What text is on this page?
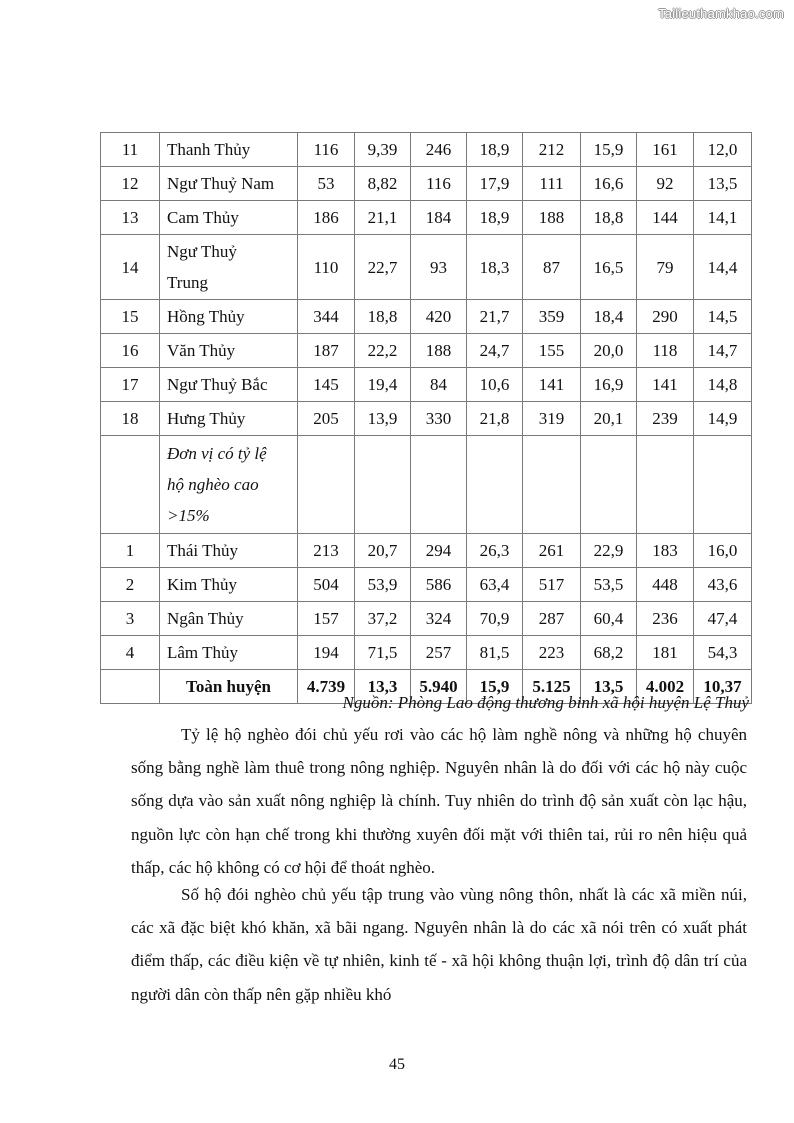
Tailieuthamkhao.com
11	Thanh Thủy	116	9,39	246	18,9	212	15,9	161	12,0
12	Ngư Thuỷ Nam	53	8,82	116	17,9	111	16,6	92	13,5
13	Cam Thủy	186	21,1	184	18,9	188	18,8	144	14,1
14	Ngư Thuỷ
Trung	110	22,7	93	18,3	87	16,5	79	14,4
15	Hồng Thủy	344	18,8	420	21,7	359	18,4	290	14,5
16	Văn Thủy	187	22,2	188	24,7	155	20,0	118	14,7
17	Ngư Thuỷ Bắc	145	19,4	84	10,6	141	16,9	141	14,8
18	Hưng Thủy	205	13,9	330	21,8	319	20,1	239	14,9

	Đơn vị có tỷ lệ
hộ nghèo cao
>15%								

1	Thái Thủy	213	20,7	294	26,3	261	22,9	183	16,0
2	Kim Thủy	504	53,9	586	63,4	517	53,5	448	43,6
3	Ngân Thủy	157	37,2	324	70,9	287	60,4	236	47,4
4	Lâm Thủy	194	71,5	257	81,5	223	68,2	181	54,3
	Toàn huyện	4.739	13,3	5.940	15,9	5.125	13,5	4.002	10,37
Nguồn: Phòng Lao động thương binh xã hội huyện Lệ Thuỷ

Tỷ lệ hộ nghèo đói chủ yếu rơi vào các hộ làm nghề nông và những hộ chuyên sống bằng nghề làm thuê trong nông nghiệp. Nguyên nhân là do đối với các hộ này cuộc sống dựa vào sản xuất nông nghiệp là chính. Tuy nhiên do trình độ sản xuất còn lạc hậu, nguồn lực còn hạn chế trong khi thường xuyên đối mặt với thiên tai, rủi ro nên hiệu quả thấp, các hộ không có cơ hội để thoát nghèo.

Số hộ đói nghèo chủ yếu tập trung vào vùng nông thôn, nhất là các xã miền núi, các xã đặc biệt khó khăn, xã bãi ngang. Nguyên nhân là do các xã nói trên có xuất phát điểm thấp, các điều kiện về tự nhiên, kinh tế - xã hội không thuận lợi, trình độ dân trí của người dân còn thấp nên gặp nhiều khó

45
